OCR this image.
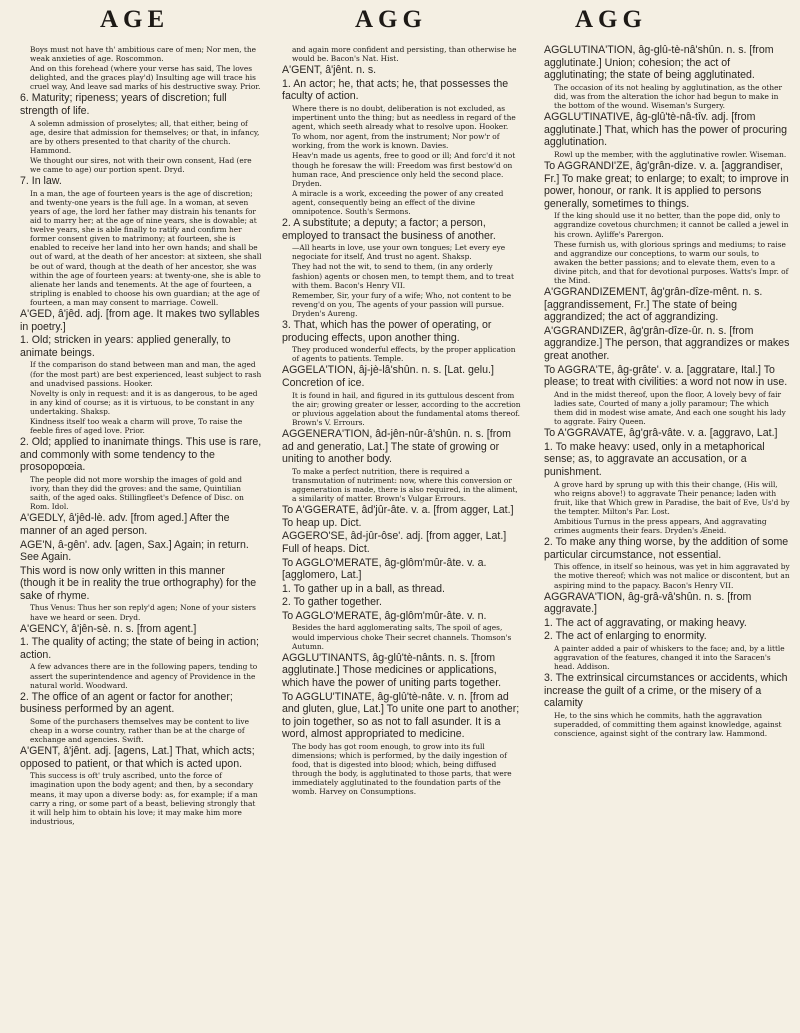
AGE	AGG	AGG

Boys must not have th' ambitious care of men; Nor men, the weak anxieties of age. Roscommon.

And on this forehead (where your verse has said, The loves delighted, and the graces play'd) Insulting age will trace his cruel way, And leave sad marks of his destructive sway. Prior.

6. Maturity; ripeness; years of discretion; full strength of life.

A solemn admission of proselytes; all, that either, being of age, desire that admission for themselves; or that, in infancy, are by others presented to that charity of the church. Hammond.

We thought our sires, not with their own consent, Had (ere we came to age) our portion spent. Dryd.

7. In law.

In a man, the age of fourteen years is the age of discretion; and twenty-one years is the full age. In a woman, at seven years of age, the lord her father may distrain his tenants for aid to marry her; at the age of nine years, she is dowable; at twelve years, she is able finally to ratify and confirm her former consent given to matrimony; at fourteen, she is enabled to receive her land into her own hands; and shall be out of ward, at the death of her ancestor: at sixteen, she shall be out of ward, though at the death of her ancestor, she was within the age of fourteen years: at twenty-one, she is able to alienate her lands and tenements. At the age of fourteen, a stripling is enabled to choose his own guardian; at the age of fourteen, a man may consent to marriage. Cowell.

A'GED, â'jêd. adj. [from age. It makes two syllables in poetry.]

1. Old; stricken in years: applied generally, to animate beings.

If the comparison do stand between man and man, the aged (for the most part) are best experienced, least subject to rash and unadvised passions. Hooker.

Novelty is only in request: and it is as dangerous, to be aged in any kind of course; as it is virtuous, to be constant in any undertaking. Shaksp.

Kindness itself too weak a charm will prove, To raise the feeble fires of aged love. Prior.

2. Old; applied to inanimate things. This use is rare, and commonly with some tendency to the prosopopœia.

The people did not more worship the images of gold and ivory, than they did the groves: and the same, Quintilian saith, of the aged oaks. Stillingfleet's Defence of Disc. on Rom. Idol.

A'GEDLY, â'jêd-lè. adv. [from aged.] After the manner of an aged person.

AGE'N, â-gên'. adv. [agen, Sax.] Again; in return. See Again.

This word is now only written in this manner (though it be in reality the true orthography) for the sake of rhyme.

Thus Venus: Thus her son reply'd agen; None of your sisters have we heard or seen. Dryd.

A'GENCY, â'jên-sè. n. s. [from agent.]

1. The quality of acting; the state of being in action; action.

A few advances there are in the following papers, tending to assert the superintendence and agency of Providence in the natural world. Woodward.

2. The office of an agent or factor for another; business performed by an agent.

Some of the purchasers themselves may be content to live cheap in a worse country, rather than be at the charge of exchange and agencies. Swift.

A'GENT, â'jênt. adj. [agens, Lat.] That, which acts; opposed to patient, or that which is acted upon.

This success is oft' truly ascribed, unto the force of imagination upon the body agent; and then, by a secondary means, it may upon a diverse body: as, for example; if a man carry a ring, or some part of a beast, believing strongly that it will help him to obtain his love; it may make him more industrious,

and again more confident and persisting, than otherwise he would be. Bacon's Nat. Hist.

A'GENT, â'jênt. n. s.

1. An actor; he, that acts; he, that possesses the faculty of action.

Where there is no doubt, deliberation is not excluded, as impertinent unto the thing; but as needless in regard of the agent, which seeth already what to resolve upon. Hooker.

To whom, nor agent, from the instrument; Nor pow'r of working, from the work is known. Davies.

Heav'n made us agents, free to good or ill; And forc'd it not though he foresaw the will: Freedom was first bestow'd on human race, And prescience only held the second place. Dryden.

A miracle is a work, exceeding the power of any created agent, consequently being an effect of the divine omnipotence. South's Sermons.

2. A substitute; a deputy; a factor; a person, employed to transact the business of another.

—All hearts in love, use your own tongues; Let every eye negociate for itself, And trust no agent. Shaksp.

They had not the wit, to send to them, (in any orderly fashion) agents or chosen men, to tempt them, and to treat with them. Bacon's Henry VII.

Remember, Sir, your fury of a wife; Who, not content to be reveng'd on you, The agents of your passion will pursue. Dryden's Aureng.

3. That, which has the power of operating, or producing effects, upon another thing.

They produced wonderful effects, by the proper application of agents to patients. Temple.

AGGELA'TION, âj-jè-lâ'shûn. n. s. [Lat. gelu.] Concretion of ice.

It is found in hail, and figured in its guttulous descent from the air; growing greater or lesser, according to the accretion or pluvious aggelation about the fundamental atoms thereof. Brown's V. Errours.

AGGENERA'TION, âd-jên-nûr-â'shûn. n. s. [from ad and generatio, Lat.] The state of growing or uniting to another body.

To make a perfect nutrition, there is required a transmutation of nutriment: now, where this conversion or aggeneration is made, there is also required, in the aliment, a similarity of matter. Brown's Vulgar Errours.

To A'GGERATE, âd'jûr-âte. v. a. [from agger, Lat.] To heap up. Dict.

AGGERO'SE, âd-jûr-ôse'. adj. [from agger, Lat.] Full of heaps. Dict.

To AGGLO'MERATE, âg-glôm'mûr-âte. v. a. [agglomero, Lat.]

1. To gather up in a ball, as thread.

2. To gather together.

To AGGLO'MERATE, âg-glôm'mûr-âte. v. n.

Besides the hard agglomerating salts, The spoil of ages, would impervious choke Their secret channels. Thomson's Autumn.

AGGLU'TINANTS, âg-glû'tè-nânts. n. s. [from agglutinate.] Those medicines or applications, which have the power of uniting parts together.

To AGGLU'TINATE, âg-glû'tè-nâte. v. n. [from ad and gluten, glue, Lat.] To unite one part to another; to join together, so as not to fall asunder. It is a word, almost appropriated to medicine.

The body has got room enough, to grow into its full dimensions; which is performed, by the daily ingestion of food, that is digested into blood; which, being diffused through the body, is agglutinated to those parts, that were immediately agglutinated to the foundation parts of the womb. Harvey on Consumptions.

AGGLUTINA'TION, âg-glû-tè-nâ'shûn. n. s. [from agglutinate.] Union; cohesion; the act of agglutinating; the state of being agglutinated.

The occasion of its not healing by agglutination, as the other did, was from the alteration the ichor had begun to make in the bottom of the wound. Wiseman's Surgery.

AGGLU'TINATIVE, âg-glû'tè-nâ-tîv. adj. [from agglutinate.] That, which has the power of procuring agglutination.

Rowl up the member, with the agglutinative rowler. Wiseman.

To AGGRANDI'ZE, âg'grân-dize. v. a. [aggrandiser, Fr.] To make great; to enlarge; to exalt; to improve in power, honour, or rank. It is applied to persons generally, sometimes to things.

If the king should use it no better, than the pope did, only to aggrandize covetous churchmen; it cannot be called a jewel in his crown. Ayliffe's Parergon.

These furnish us, with glorious springs and mediums; to raise and aggrandize our conceptions, to warm our souls, to awaken the better passions; and to elevate them, even to a divine pitch, and that for devotional purposes. Watts's Impr. of the Mind.

A'GGRANDIZEMENT, âg'grân-dîze-mênt. n. s. [aggrandissement, Fr.] The state of being aggrandized; the act of aggrandizing.

A'GGRANDIZER, âg'grân-dîze-ûr. n. s. [from aggrandize.] The person, that aggrandizes or makes great another.

To AGGRA'TE, âg-grâte'. v. a. [aggratare, Ital.] To please; to treat with civilities: a word not now in use.

And in the midst thereof, upon the floor, A lovely bevy of fair ladies sate, Courted of many a jolly paramour; The which them did in modest wise amate, And each one sought his lady to aggrate. Fairy Queen.

To A'GGRAVATE, âg'grâ-vâte. v. a. [aggravo, Lat.]

1. To make heavy: used, only in a metaphorical sense; as, to aggravate an accusation, or a punishment.

A grove hard by sprung up with this their change, (His will, who reigns above!) to aggravate Their penance; laden with fruit, like that Which grew in Paradise, the bait of Eve, Us'd by the tempter. Milton's Par. Lost.

Ambitious Turnus in the press appears, And aggravating crimes augments their fears. Dryden's Æneid.

2. To make any thing worse, by the addition of some particular circumstance, not essential.

This offence, in itself so heinous, was yet in him aggravated by the motive thereof; which was not malice or discontent, but an aspiring mind to the papacy. Bacon's Henry VII.

AGGRAVA'TION, âg-grâ-vâ'shûn. n. s. [from aggravate.]

1. The act of aggravating, or making heavy.

2. The act of enlarging to enormity.

A painter added a pair of whiskers to the face; and, by a little aggravation of the features, changed it into the Saracen's head. Addison.

3. The extrinsical circumstances or accidents, which increase the guilt of a crime, or the misery of a calamity

He, to the sins which he commits, hath the aggravation superadded, of committing them against knowledge, against conscience, against sight of the contrary law. Hammond.
